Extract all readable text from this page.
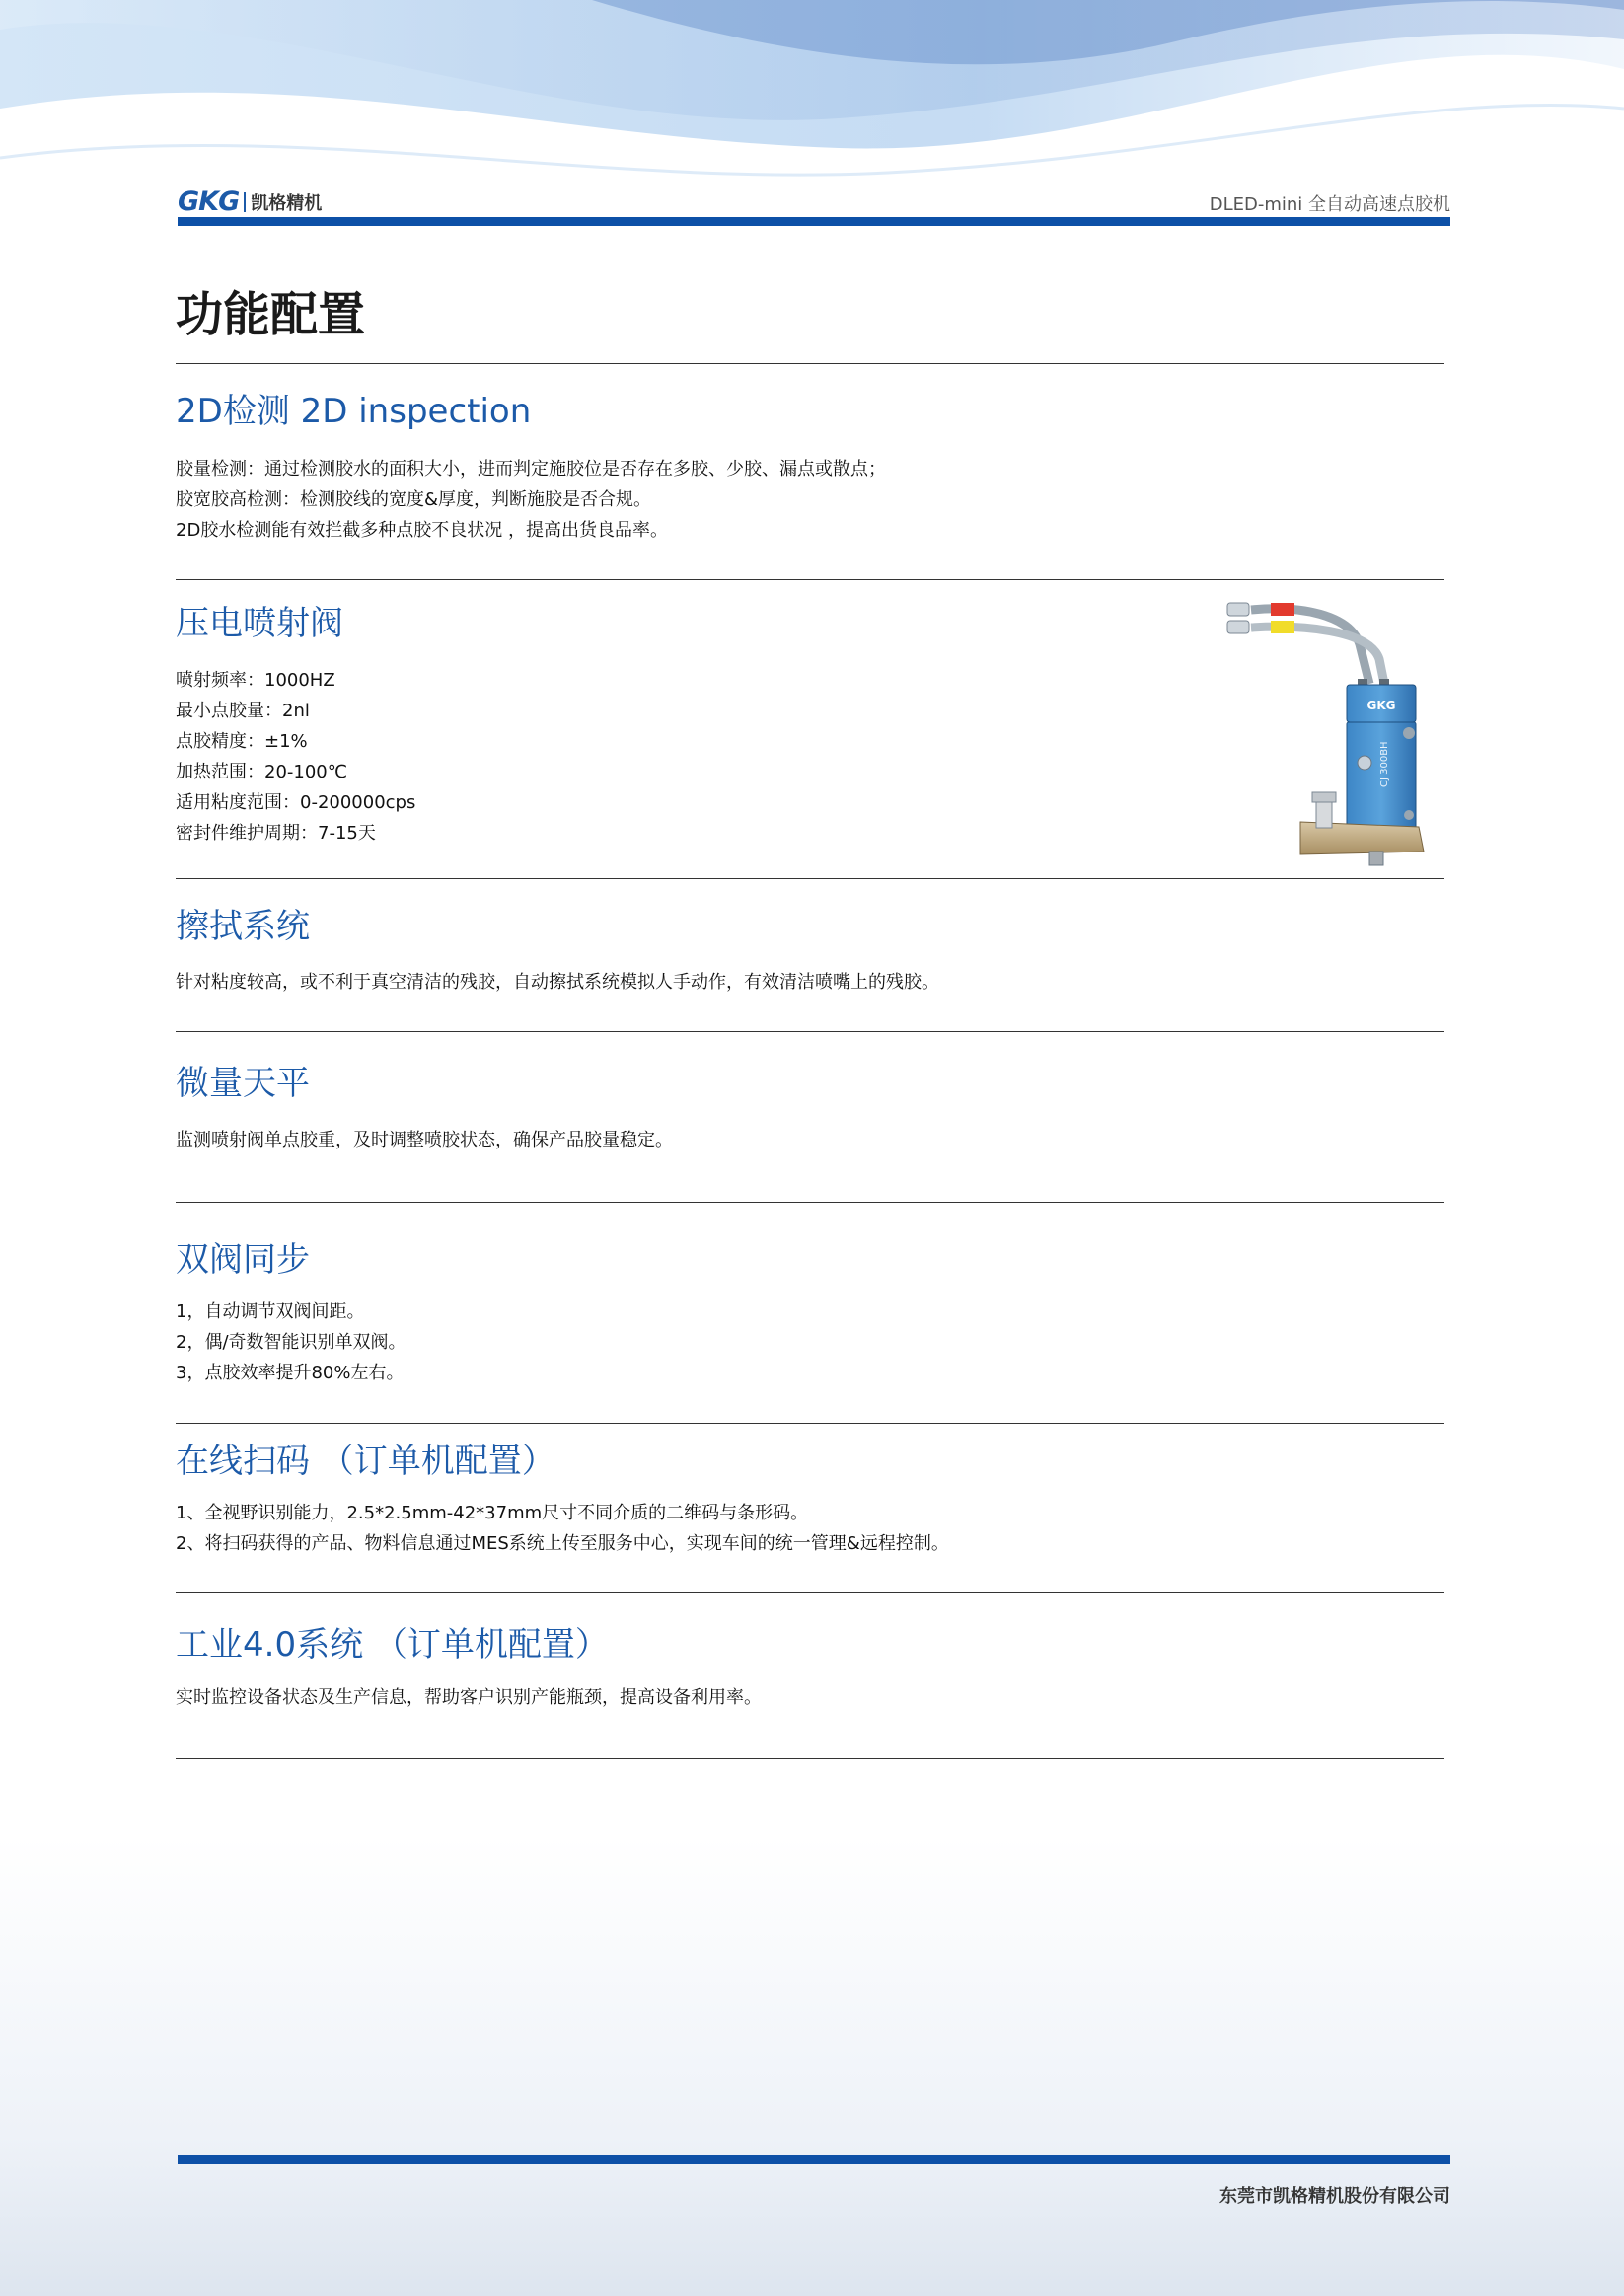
GKG 凯格精机	DLED-mini 全自动高速点胶机
功能配置
2D检测 2D inspection
胶量检测：通过检测胶水的面积大小，进而判定施胶位是否存在多胶、少胶、漏点或散点；
胶宽胶高检测：检测胶线的宽度&厚度，判断施胶是否合规。
2D胶水检测能有效拦截多种点胶不良状况 ，提高出货良品率。
压电喷射阀
喷射频率：1000HZ
最小点胶量：2nl
点胶精度：±1%
加热范围：20-100℃
适用粘度范围：0-200000cps
密封件维护周期：7-15天
GKG
CJ 300BH
擦拭系统
针对粘度较高，或不利于真空清洁的残胶，自动擦拭系统模拟人手动作，有效清洁喷嘴上的残胶。
微量天平
监测喷射阀单点胶重，及时调整喷胶状态，确保产品胶量稳定。
双阀同步
1，自动调节双阀间距。
2，偶/奇数智能识别单双阀。
3，点胶效率提升80%左右。
在线扫码 （订单机配置）
1、全视野识别能力，2.5*2.5mm-42*37mm尺寸不同介质的二维码与条形码。
2、将扫码获得的产品、物料信息通过MES系统上传至服务中心，实现车间的统一管理&远程控制。
工业4.0系统 （订单机配置）
实时监控设备状态及生产信息，帮助客户识别产能瓶颈，提高设备利用率。
东莞市凯格精机股份有限公司
